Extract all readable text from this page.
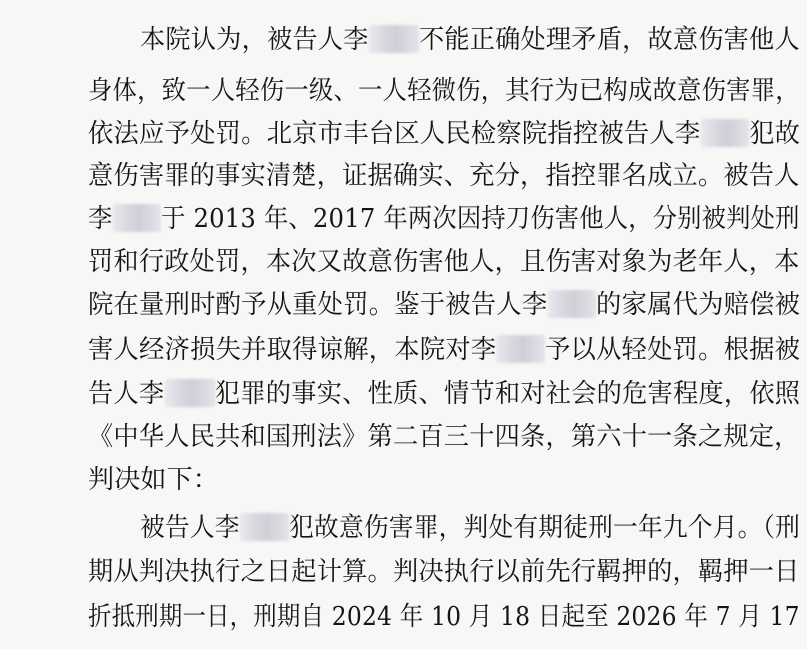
本院认为，被告人李 不能正确处理矛盾，故意伤害他人
身体，致一人轻伤一级、一人轻微伤，其行为已构成故意伤害罪，
依法应予处罚。北京市丰台区人民检察院指控被告人李 犯故
意伤害罪的事实清楚，证据确实、充分，指控罪名成立。被告人
李 于 2013 年、2017 年两次因持刀伤害他人，分别被判处刑
罚和行政处罚，本次又故意伤害他人，且伤害对象为老年人，本
院在量刑时酌予从重处罚。鉴于被告人李 的家属代为赔偿被
害人经济损失并取得谅解，本院对李 予以从轻处罚。根据被
告人李 犯罪的事实、性质、情节和对社会的危害程度，依照
《中华人民共和国刑法》第二百三十四条，第六十一条之规定，
判决如下：
被告人李 犯故意伤害罪，判处有期徒刑一年九个月。（刑
期从判决执行之日起计算。判决执行以前先行羁押的，羁押一日
折抵刑期一日，刑期自 2024 年 10 月 18 日起至 2026 年 7 月 17
